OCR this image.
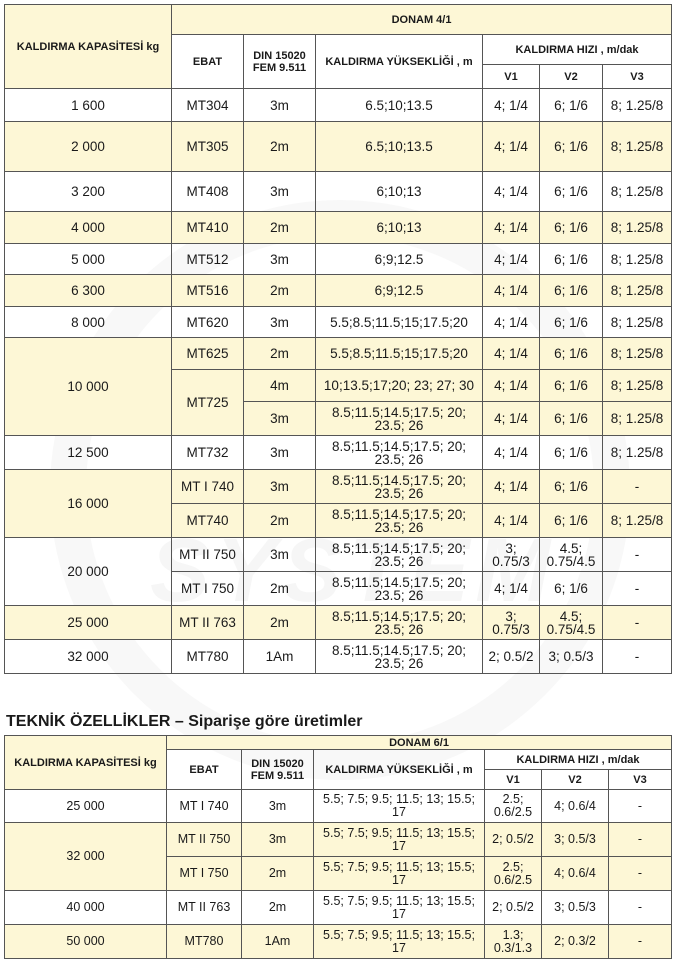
KALDIRMA KAPASİTESİ kg	DONAM 4/1					
	EBAT	DIN 15020 FEM 9.511	KALDIRMA YÜKSEKLİĞİ , m	KALDIRMA HIZI , m/dak		
				V1	V2	V3
1 600	MT304	3m	6.5;10;13.5	4; 1/4	6; 1/6	8; 1.25/8
2 000	MT305	2m	6.5;10;13.5	4; 1/4	6; 1/6	8; 1.25/8
3 200	MT408	3m	6;10;13	4; 1/4	6; 1/6	8; 1.25/8
4 000	MT410	2m	6;10;13	4; 1/4	6; 1/6	8; 1.25/8
5 000	MT512	3m	6;9;12.5	4; 1/4	6; 1/6	8; 1.25/8
6 300	MT516	2m	6;9;12.5	4; 1/4	6; 1/6	8; 1.25/8
8 000	MT620	3m	5.5;8.5;11.5;15;17.5;20	4; 1/4	6; 1/6	8; 1.25/8
10 000	MT625	2m	5.5;8.5;11.5;15;17.5;20	4; 1/4	6; 1/6	8; 1.25/8
	MT725	4m	10;13.5;17;20; 23; 27; 30	4; 1/4	6; 1/6	8; 1.25/8
		3m	8.5;11.5;14.5;17.5; 20; 23.5; 26	4; 1/4	6; 1/6	8; 1.25/8
12 500	MT732	3m	8.5;11.5;14.5;17.5; 20; 23.5; 26	4; 1/4	6; 1/6	8; 1.25/8
16 000	MT I 740	3m	8.5;11.5;14.5;17.5; 20; 23.5; 26	4; 1/4	6; 1/6	-
	MT740	2m	8.5;11.5;14.5;17.5; 20; 23.5; 26	4; 1/4	6; 1/6	8; 1.25/8
20 000	MT II 750	3m	8.5;11.5;14.5;17.5; 20; 23.5; 26	3; 0.75/3	4.5; 0.75/4.5	-
	MT I 750	2m	8.5;11.5;14.5;17.5; 20; 23.5; 26	4; 1/4	6; 1/6	-
25 000	MT II 763	2m	8.5;11.5;14.5;17.5; 20; 23.5; 26	3; 0.75/3	4.5; 0.75/4.5	-
32 000	MT780	1Am	8.5;11.5;14.5;17.5; 20; 23.5; 26	2; 0.5/2	3; 0.5/3	-
TEKNİK ÖZELLİKLER – Siparişe göre üretimler
KALDIRMA KAPASİTESİ kg	DONAM 6/1					
	EBAT	DIN 15020 FEM 9.511	KALDIRMA YÜKSEKLİĞİ , m	KALDIRMA HIZI , m/dak		
				V1	V2	V3
25 000	MT I 740	3m	5.5; 7.5; 9.5; 11.5; 13; 15.5; 17	2.5; 0.6/2.5	4; 0.6/4	-
32 000	MT II 750	3m	5.5; 7.5; 9.5; 11.5; 13; 15.5; 17	2; 0.5/2	3; 0.5/3	-
	MT I 750	2m	5.5; 7.5; 9.5; 11.5; 13; 15.5; 17	2.5; 0.6/2.5	4; 0.6/4	-
40 000	MT II 763	2m	5.5; 7.5; 9.5; 11.5; 13; 15.5; 17	2; 0.5/2	3; 0.5/3	-
50 000	MT780	1Am	5.5; 7.5; 9.5; 11.5; 13; 15.5; 17	1.3; 0.3/1.3	2; 0.3/2	-
